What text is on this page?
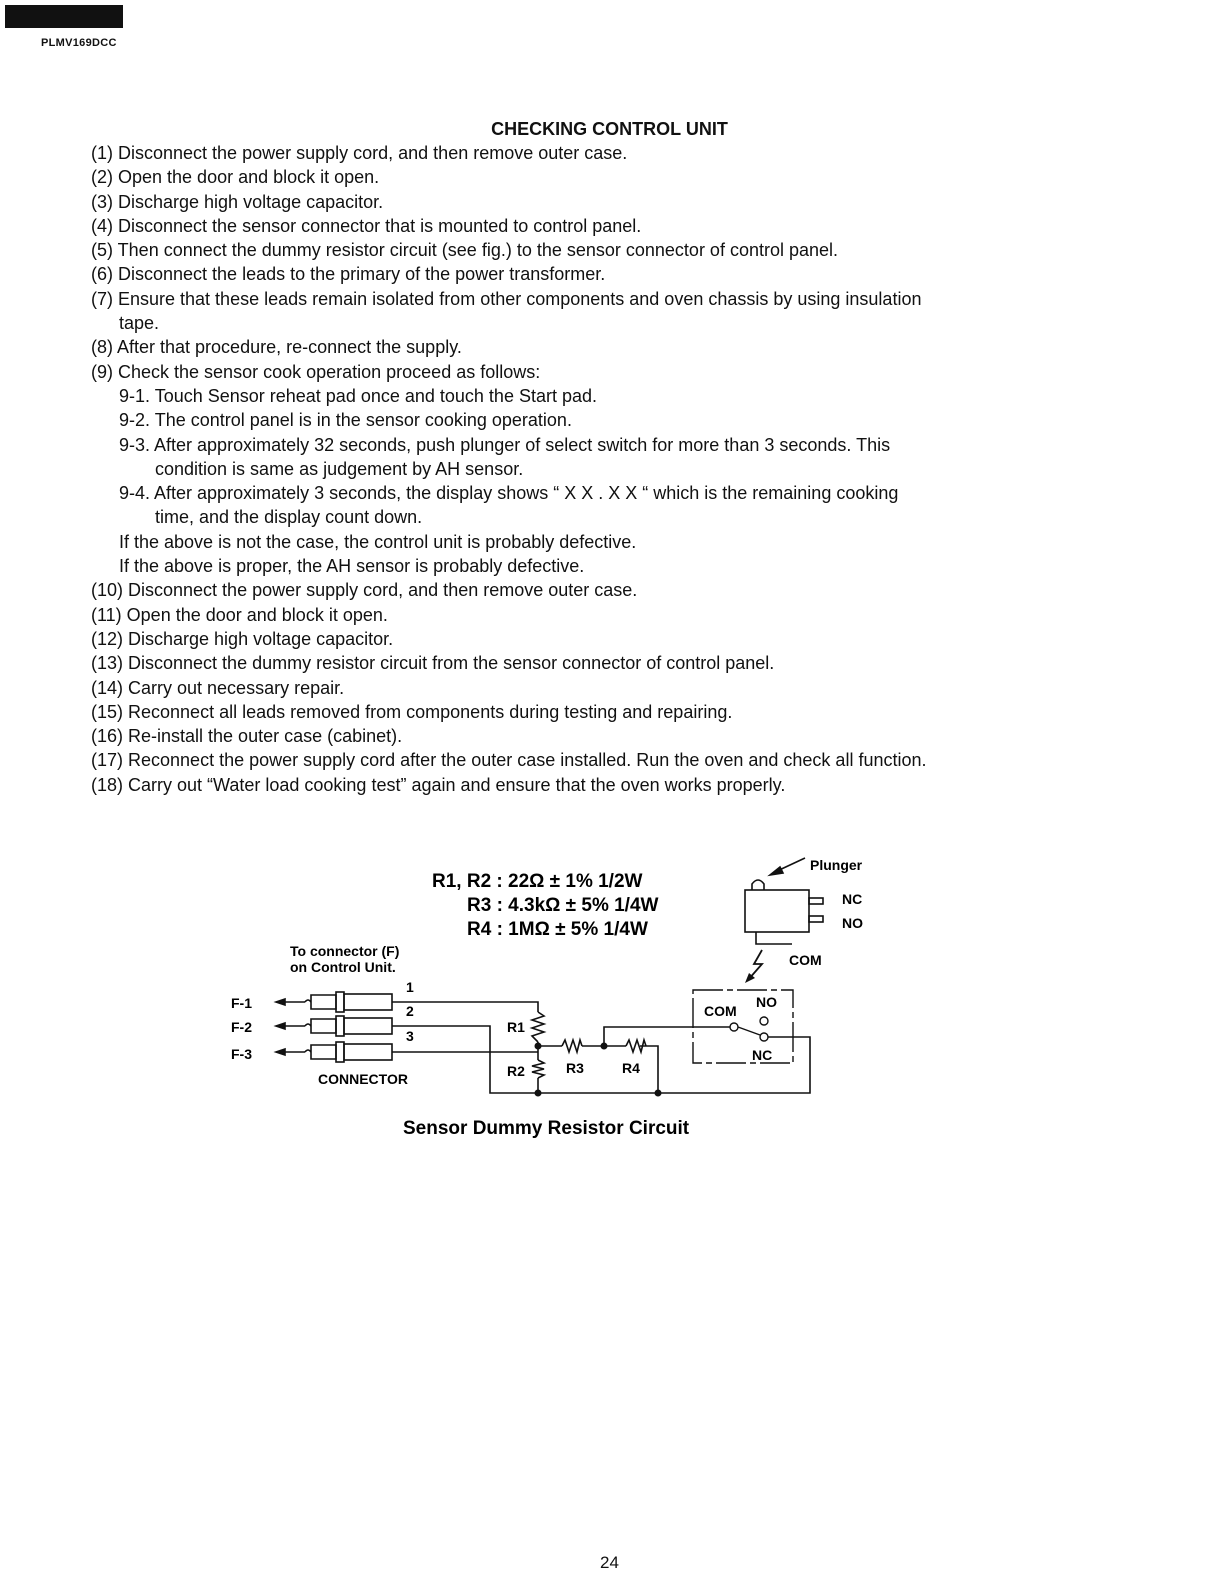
PLMV169DCC
CHECKING CONTROL UNIT
(1) Disconnect the power supply cord, and then remove outer case.
(2) Open the door and block it open.
(3) Discharge high voltage capacitor.
(4) Disconnect the sensor connector that is mounted to control panel.
(5) Then connect the dummy resistor circuit (see fig.) to the sensor connector of control panel.
(6) Disconnect the leads to the primary of the power transformer.
(7) Ensure that these leads remain isolated from other components and oven chassis by using insulation
tape.
(8) After that procedure, re-connect the supply.
(9) Check the sensor cook operation proceed as follows:
9-1. Touch Sensor reheat pad once and touch the Start pad.
9-2. The control panel is in the sensor cooking operation.
9-3. After approximately 32 seconds, push plunger of select switch for more than 3 seconds. This
condition is same as judgement by AH sensor.
9-4. After approximately 3 seconds, the display shows “ X X . X X “ which is the remaining cooking
time, and the display count down.
If the above is not the case, the control unit is probably defective.
If the above is proper, the AH sensor is probably defective.
(10) Disconnect the power supply cord, and then remove outer case.
(11) Open the door and block it open.
(12) Discharge high voltage capacitor.
(13) Disconnect the dummy resistor circuit from the sensor connector of control panel.
(14) Carry out necessary repair.
(15) Reconnect all leads removed from components during testing and repairing.
(16) Re-install the outer case (cabinet).
(17) Reconnect the power supply cord after the outer case installed. Run the oven and check all function.
(18) Carry out “Water load cooking test” again and ensure that the oven works properly.
R1, R2 : 22Ω ± 1% 1/2W
R3 : 4.3kΩ ± 5% 1/4W
R4 : 1MΩ ± 5% 1/4W
To connector (F)
on Control Unit.
F-1
F-2
F-3
1
2
3
CONNECTOR
R1
R2	R3	R4
COM
NO
NC
Plunger
NC
NO
COM
Sensor Dummy Resistor Circuit
24
